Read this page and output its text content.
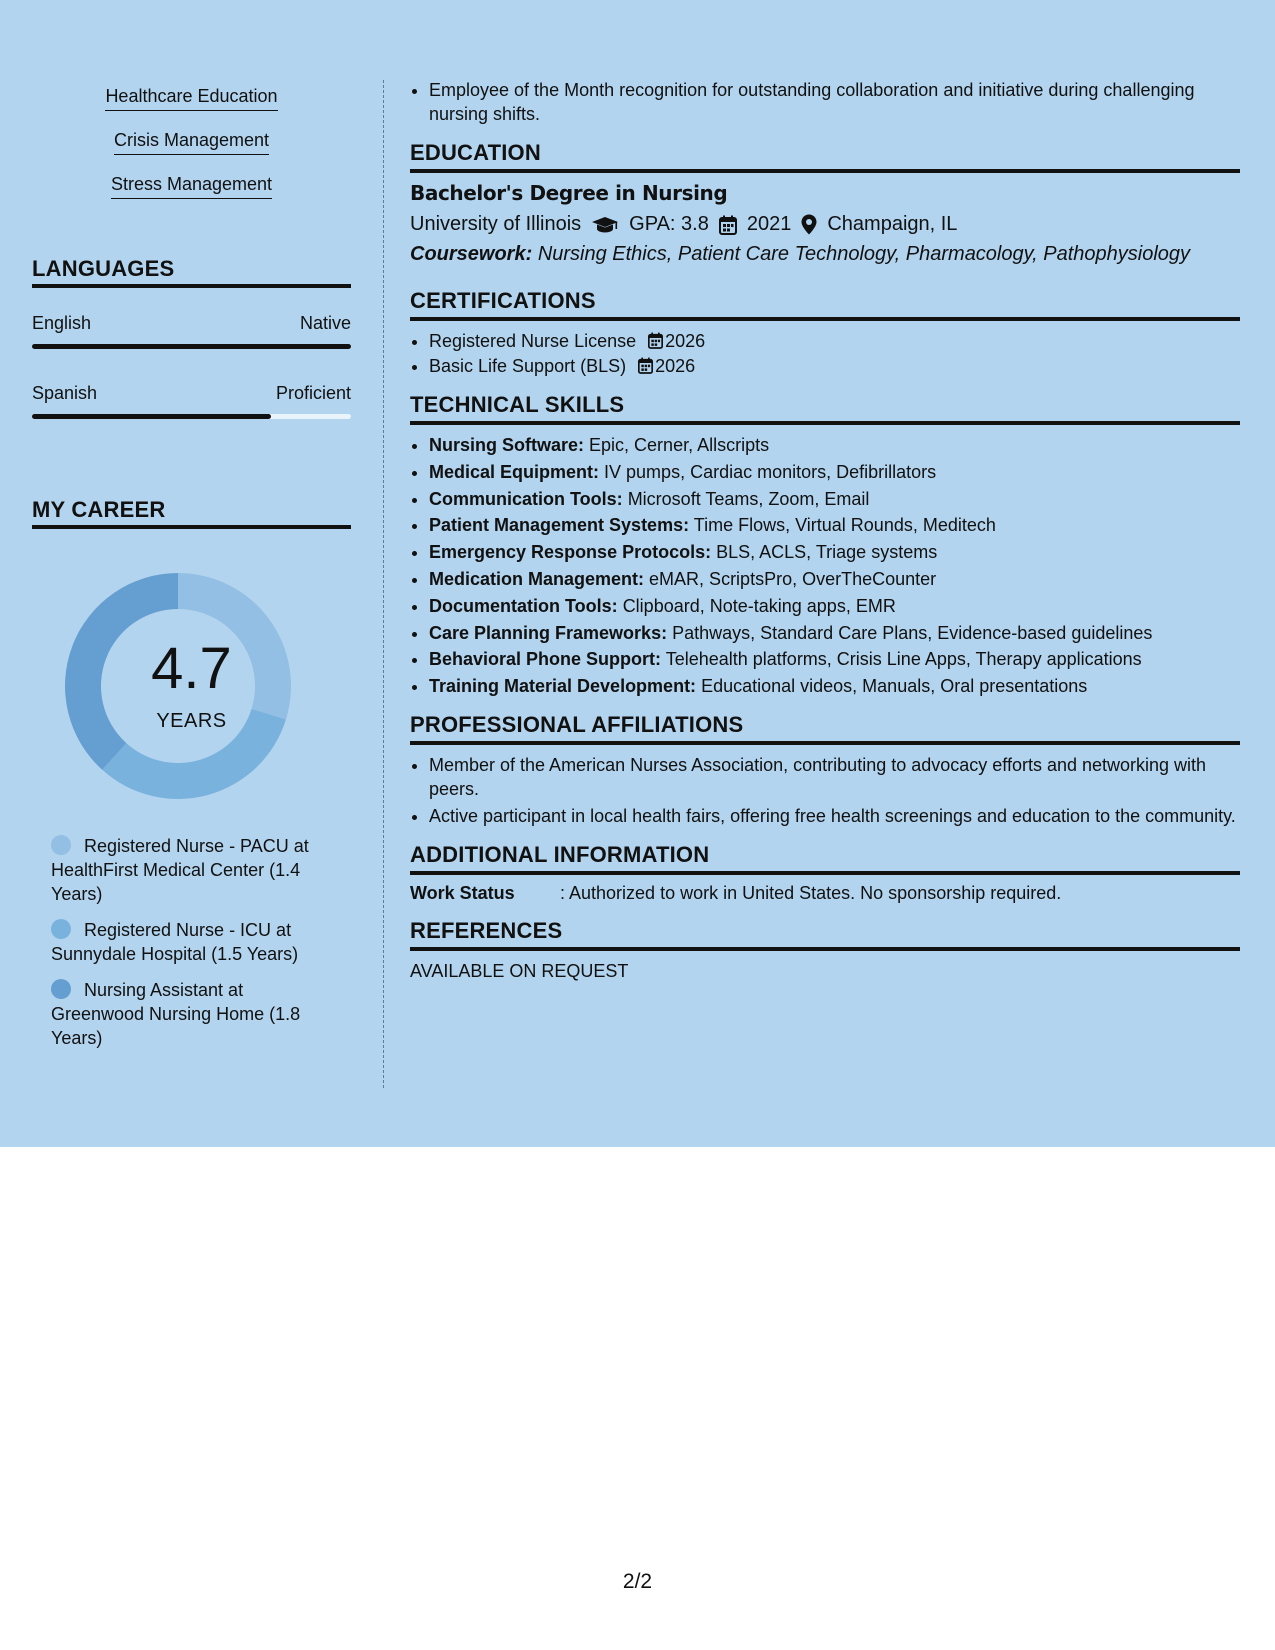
Healthcare Education
Crisis Management
Stress Management
LANGUAGES
English	Native
Spanish	Proficient
MY CAREER
4.7
YEARS
Registered Nurse - PACU at HealthFirst Medical Center (1.4 Years)
Registered Nurse - ICU at Sunnydale Hospital (1.5 Years)
Nursing Assistant at Greenwood Nursing Home (1.8 Years)
• Employee of the Month recognition for outstanding collaboration and initiative during challenging nursing shifts.
EDUCATION
Bachelor's Degree in Nursing
University of Illinois GPA: 3.8 2021 Champaign, IL
Coursework: Nursing Ethics, Patient Care Technology, Pharmacology, Pathophysiology
CERTIFICATIONS
• Registered Nurse License 2026
• Basic Life Support (BLS) 2026
TECHNICAL SKILLS
• Nursing Software: Epic, Cerner, Allscripts
• Medical Equipment: IV pumps, Cardiac monitors, Defibrillators
• Communication Tools: Microsoft Teams, Zoom, Email
• Patient Management Systems: Time Flows, Virtual Rounds, Meditech
• Emergency Response Protocols: BLS, ACLS, Triage systems
• Medication Management: eMAR, ScriptsPro, OverTheCounter
• Documentation Tools: Clipboard, Note-taking apps, EMR
• Care Planning Frameworks: Pathways, Standard Care Plans, Evidence-based guidelines
• Behavioral Phone Support: Telehealth platforms, Crisis Line Apps, Therapy applications
• Training Material Development: Educational videos, Manuals, Oral presentations
PROFESSIONAL AFFILIATIONS
• Member of the American Nurses Association, contributing to advocacy efforts and networking with peers.
• Active participant in local health fairs, offering free health screenings and education to the community.
ADDITIONAL INFORMATION
Work Status	: Authorized to work in United States. No sponsorship required.
REFERENCES
AVAILABLE ON REQUEST
2/2
